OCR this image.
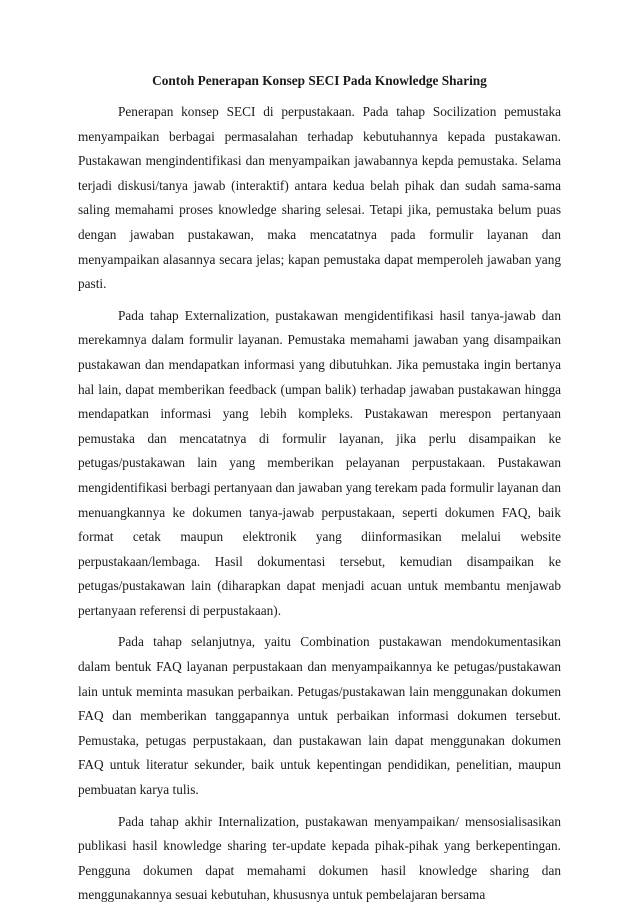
Contoh Penerapan Konsep SECI Pada Knowledge Sharing

Penerapan konsep SECI di perpustakaan. Pada tahap Socilization pemustaka menyampaikan berbagai permasalahan terhadap kebutuhannya kepada pustakawan. Pustakawan mengindentifikasi dan menyampaikan jawabannya kepda pemustaka. Selama terjadi diskusi/tanya jawab (interaktif) antara kedua belah pihak dan sudah sama-sama saling memahami proses knowledge sharing selesai. Tetapi jika, pemustaka belum puas dengan jawaban pustakawan, maka mencatatnya pada formulir layanan dan menyampaikan alasannya secara jelas; kapan pemustaka dapat memperoleh jawaban yang pasti.

Pada tahap Externalization, pustakawan mengidentifikasi hasil tanya-jawab dan merekamnya dalam formulir layanan. Pemustaka memahami jawaban yang disampaikan pustakawan dan mendapatkan informasi yang dibutuhkan. Jika pemustaka ingin bertanya hal lain, dapat memberikan feedback (umpan balik) terhadap jawaban pustakawan hingga mendapatkan informasi yang lebih kompleks. Pustakawan merespon pertanyaan pemustaka dan mencatatnya di formulir layanan, jika perlu disampaikan ke petugas/pustakawan lain yang memberikan pelayanan perpustakaan. Pustakawan mengidentifikasi berbagi pertanyaan dan jawaban yang terekam pada formulir layanan dan menuangkannya ke dokumen tanya-jawab perpustakaan, seperti dokumen FAQ, baik format cetak maupun elektronik yang diinformasikan melalui website perpustakaan/lembaga. Hasil dokumentasi tersebut, kemudian disampaikan ke petugas/pustakawan lain (diharapkan dapat menjadi acuan untuk membantu menjawab pertanyaan referensi di perpustakaan).

Pada tahap selanjutnya, yaitu Combination pustakawan mendokumentasikan dalam bentuk FAQ layanan perpustakaan dan menyampaikannya ke petugas/pustakawan lain untuk meminta masukan perbaikan. Petugas/pustakawan lain menggunakan dokumen FAQ dan memberikan tanggapannya untuk perbaikan informasi dokumen tersebut. Pemustaka, petugas perpustakaan, dan pustakawan lain dapat menggunakan dokumen FAQ untuk literatur sekunder, baik untuk kepentingan pendidikan, penelitian, maupun pembuatan karya tulis.

Pada tahap akhir Internalization, pustakawan menyampaikan/ mensosialisasikan publikasi hasil knowledge sharing ter-update kepada pihak-pihak yang berkepentingan. Pengguna dokumen dapat memahami dokumen hasil knowledge sharing dan menggunakannya sesuai kebutuhan, khususnya untuk pembelajaran bersama
